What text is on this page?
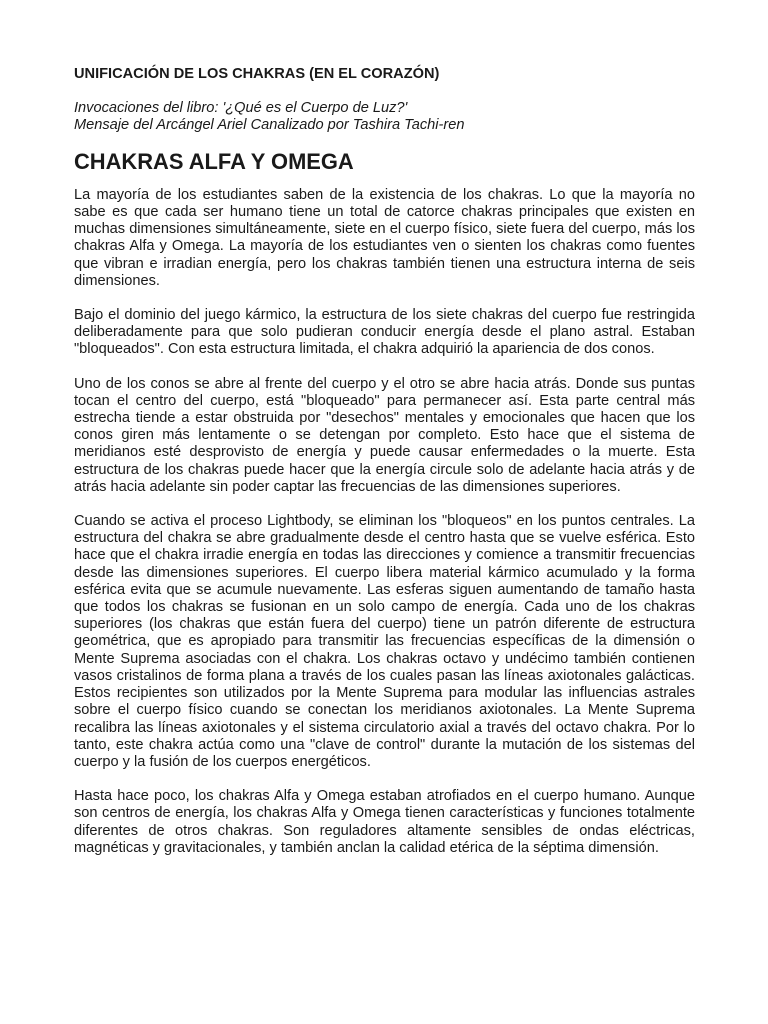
UNIFICACIÓN DE LOS CHAKRAS (EN EL CORAZÓN)

Invocaciones del libro: '¿Qué es el Cuerpo de Luz?'

Mensaje del Arcángel Ariel Canalizado por Tashira Tachi-ren

CHAKRAS ALFA Y OMEGA

La mayoría de los estudiantes saben de la existencia de los chakras. Lo que la mayoría no sabe es que cada ser humano tiene un total de catorce chakras principales que existen en muchas dimensiones simultáneamente, siete en el cuerpo físico, siete fuera del cuerpo, más los chakras Alfa y Omega. La mayoría de los estudiantes ven o sienten los chakras como fuentes que vibran e irradian energía, pero los chakras también tienen una estructura interna de seis dimensiones.

Bajo el dominio del juego kármico, la estructura de los siete chakras del cuerpo fue restringida deliberadamente para que solo pudieran conducir energía desde el plano astral. Estaban "bloqueados". Con esta estructura limitada, el chakra adquirió la apariencia de dos conos.

Uno de los conos se abre al frente del cuerpo y el otro se abre hacia atrás. Donde sus puntas tocan el centro del cuerpo, está "bloqueado" para permanecer así. Esta parte central más estrecha tiende a estar obstruida por "desechos" mentales y emocionales que hacen que los conos giren más lentamente o se detengan por completo. Esto hace que el sistema de meridianos esté desprovisto de energía y puede causar enfermedades o la muerte. Esta estructura de los chakras puede hacer que la energía circule solo de adelante hacia atrás y de atrás hacia adelante sin poder captar las frecuencias de las dimensiones superiores.

Cuando se activa el proceso Lightbody, se eliminan los "bloqueos" en los puntos centrales. La estructura del chakra se abre gradualmente desde el centro hasta que se vuelve esférica. Esto hace que el chakra irradie energía en todas las direcciones y comience a transmitir frecuencias desde las dimensiones superiores. El cuerpo libera material kármico acumulado y la forma esférica evita que se acumule nuevamente. Las esferas siguen aumentando de tamaño hasta que todos los chakras se fusionan en un solo campo de energía. Cada uno de los chakras superiores (los chakras que están fuera del cuerpo) tiene un patrón diferente de estructura geométrica, que es apropiado para transmitir las frecuencias específicas de la dimensión o Mente Suprema asociadas con el chakra. Los chakras octavo y undécimo también contienen vasos cristalinos de forma plana a través de los cuales pasan las líneas axiotonales galácticas. Estos recipientes son utilizados por la Mente Suprema para modular las influencias astrales sobre el cuerpo físico cuando se conectan los meridianos axiotonales. La Mente Suprema recalibra las líneas axiotonales y el sistema circulatorio axial a través del octavo chakra. Por lo tanto, este chakra actúa como una "clave de control" durante la mutación de los sistemas del cuerpo y la fusión de los cuerpos energéticos.

Hasta hace poco, los chakras Alfa y Omega estaban atrofiados en el cuerpo humano. Aunque son centros de energía, los chakras Alfa y Omega tienen características y funciones totalmente diferentes de otros chakras. Son reguladores altamente sensibles de ondas eléctricas, magnéticas y gravitacionales, y también anclan la calidad etérica de la séptima dimensión.
